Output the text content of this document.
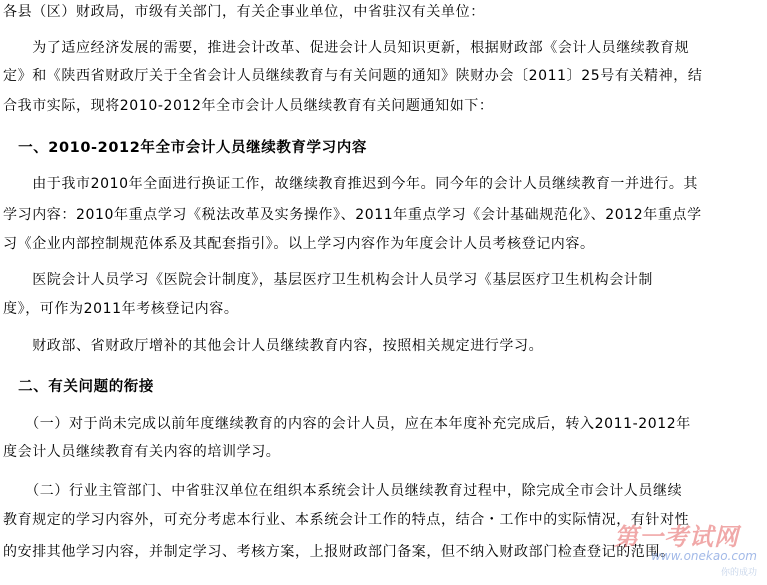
各县（区）财政局，市级有关部门，有关企事业单位，中省驻汉有关单位：
　　为了适应经济发展的需要，推进会计改革、促进会计人员知识更新，根据财政部《会计人员继续教育规
定》和《陕西省财政厅关于全省会计人员继续教育与有关问题的通知》陕财办会〔2011〕25号有关精神，结
合我市实际，现将2010-2012年全市会计人员继续教育有关问题通知如下：
　一、2010-2012年全市会计人员继续教育学习内容
　　由于我市2010年全面进行换证工作，故继续教育推迟到今年。同今年的会计人员继续教育一并进行。其
学习内容：2010年重点学习《税法改革及实务操作》、2011年重点学习《会计基础规范化》、2012年重点学
习《企业内部控制规范体系及其配套指引》。以上学习内容作为年度会计人员考核登记内容。
　　医院会计人员学习《医院会计制度》，基层医疗卫生机构会计人员学习《基层医疗卫生机构会计制
度》，可作为2011年考核登记内容。
　　财政部、省财政厅增补的其他会计人员继续教育内容，按照相关规定进行学习。
　二、有关问题的衔接
　　（一）对于尚未完成以前年度继续教育的内容的会计人员，应在本年度补充完成后，转入2011-2012年
度会计人员继续教育有关内容的培训学习。
　　（二）行业主管部门、中省驻汉单位在组织本系统会计人员继续教育过程中，除完成全市会计人员继续
教育规定的学习内容外，可充分考虑本行业、本系统会计工作的特点，结合・工作中的实际情况，有针对性
的安排其他学习内容，并制定学习、考核方案，上报财政部门备案，但不纳入财政部门检查登记的范围。
第一考试网
www.onekao.com
你的成功
